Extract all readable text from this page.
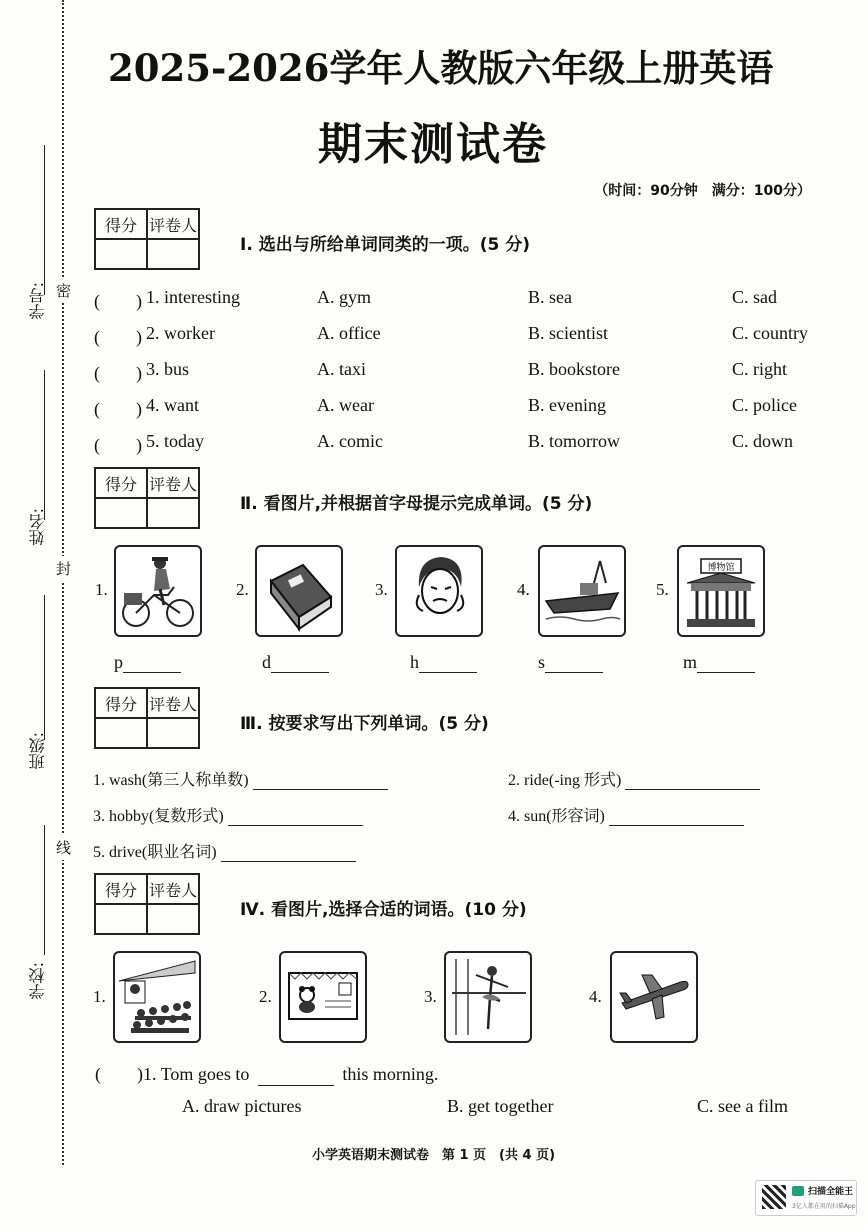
学号:
姓名:
班级:
学校:
密
封
线
2025-2026学年人教版六年级上册英语
期末测试卷
（时间：90分钟　满分：100分）
得分	评卷人

Ⅰ. 选出与所给单词同类的一项。(5 分)
(　　) 1. interesting	A. gym	B. sea	C. sad
(　　) 2. worker	A. office	B. scientist	C. country
(　　) 3. bus	A. taxi	B. bookstore	C. right
(　　) 4. want	A. wear	B. evening	C. police
(　　) 5. today	A. comic	B. tomorrow	C. down
得分	评卷人

Ⅱ. 看图片,并根据首字母提示完成单词。(5 分)
1.	2.	3.	4.	5.
博物馆
p	d	h	s	m
得分	评卷人

Ⅲ. 按要求写出下列单词。(5 分)
1. wash(第三人称单数)	2. ride(-ing 形式)
3. hobby(复数形式)	4. sun(形容词)
5. drive(职业名词)
得分	评卷人

Ⅳ. 看图片,选择合适的词语。(10 分)
1.	2.	3.	4.
(　　)1. Tom goes to	this morning.
A. draw pictures	B. get together	C. see a film
小学英语期末测试卷　第 1 页　(共 4 页)
扫描全能王
3亿人都在用的扫描App
